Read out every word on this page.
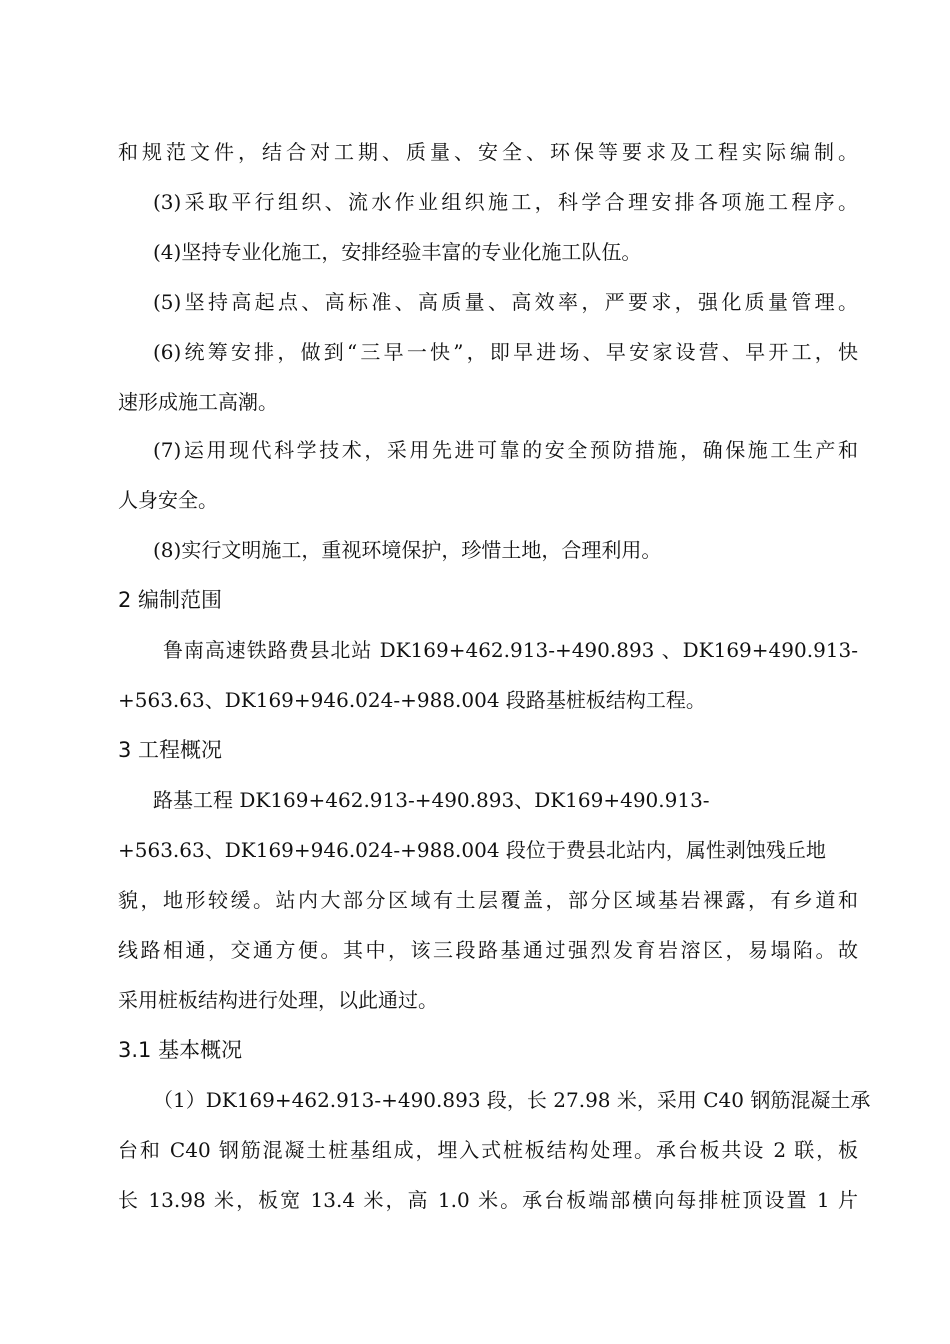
和规范文件，结合对工期、质量、安全、环保等要求及工程实际编制。
(3)采取平行组织、流水作业组织施工，科学合理安排各项施工程序。
(4)坚持专业化施工，安排经验丰富的专业化施工队伍。
(5)坚持高起点、高标准、高质量、高效率，严要求，强化质量管理。
(6)统筹安排，做到“三早一快”，即早进场、早安家设营、早开工，快
速形成施工高潮。
(7)运用现代科学技术，采用先进可靠的安全预防措施，确保施工生产和
人身安全。
(8)实行文明施工，重视环境保护，珍惜土地，合理利用。
2 编制范围
鲁南高速铁路费县北站 DK169+462.913-+490.893 、DK169+490.913-
+563.63、DK169+946.024-+988.004 段路基桩板结构工程。
3 工程概况
路基工程 DK169+462.913-+490.893、DK169+490.913-
+563.63、DK169+946.024-+988.004 段位于费县北站内，属性剥蚀残丘地
貌，地形较缓。站内大部分区域有土层覆盖，部分区域基岩裸露，有乡道和
线路相通，交通方便。其中，该三段路基通过强烈发育岩溶区，易塌陷。故
采用桩板结构进行处理，以此通过。
3.1 基本概况
（1）DK169+462.913-+490.893 段，长 27.98 米，采用 C40 钢筋混凝土承
台和 C40 钢筋混凝土桩基组成，埋入式桩板结构处理。承台板共设 2 联，板
长 13.98 米，板宽 13.4 米，高 1.0 米。承台板端部横向每排桩顶设置 1 片
